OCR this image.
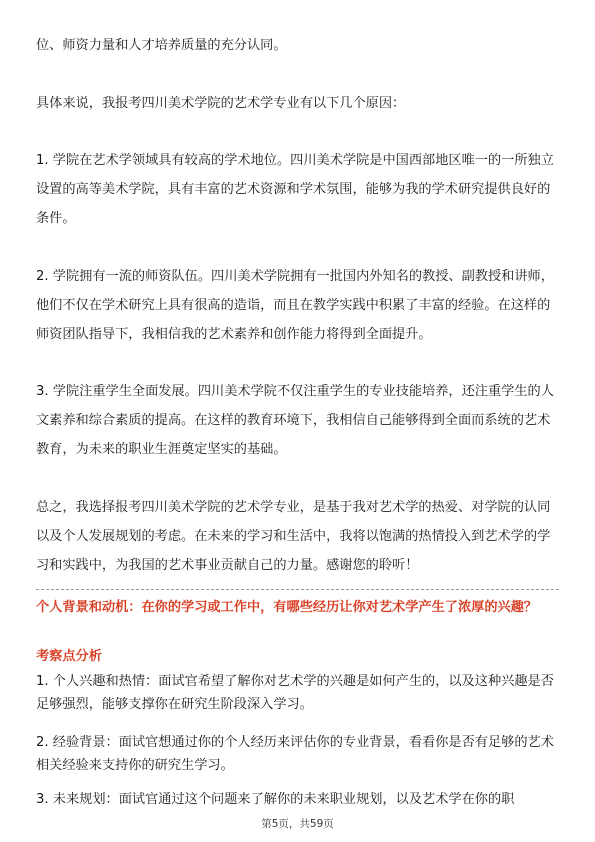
位、师资力量和人才培养质量的充分认同。

具体来说，我报考四川美术学院的艺术学专业有以下几个原因：

1. 学院在艺术学领域具有较高的学术地位。四川美术学院是中国西部地区唯一的一所独立设置的高等美术学院，具有丰富的艺术资源和学术氛围，能够为我的学术研究提供良好的条件。

2. 学院拥有一流的师资队伍。四川美术学院拥有一批国内外知名的教授、副教授和讲师，他们不仅在学术研究上具有很高的造诣，而且在教学实践中积累了丰富的经验。在这样的师资团队指导下，我相信我的艺术素养和创作能力将得到全面提升。

3. 学院注重学生全面发展。四川美术学院不仅注重学生的专业技能培养，还注重学生的人文素养和综合素质的提高。在这样的教育环境下，我相信自己能够得到全面而系统的艺术教育，为未来的职业生涯奠定坚实的基础。

总之，我选择报考四川美术学院的艺术学专业，是基于我对艺术学的热爱、对学院的认同以及个人发展规划的考虑。在未来的学习和生活中，我将以饱满的热情投入到艺术学的学习和实践中，为我国的艺术事业贡献自己的力量。感谢您的聆听！

个人背景和动机：在你的学习或工作中，有哪些经历让你对艺术学产生了浓厚的兴趣？

考察点分析

1. 个人兴趣和热情：面试官希望了解你对艺术学的兴趣是如何产生的，以及这种兴趣是否足够强烈，能够支撑你在研究生阶段深入学习。

2. 经验背景：面试官想通过你的个人经历来评估你的专业背景，看看你是否有足够的艺术相关经验来支持你的研究生学习。

3. 未来规划：面试官通过这个问题来了解你的未来职业规划，以及艺术学在你的职

第5页，共59页
